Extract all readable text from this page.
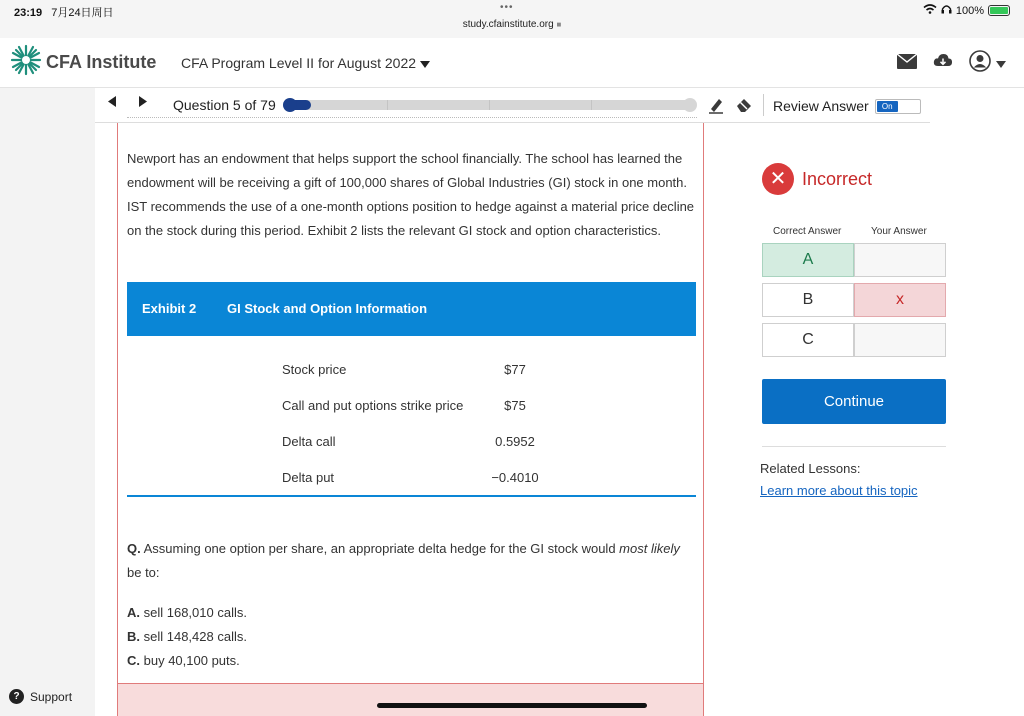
23:19 7月24日周日	•••
study.cfainstitute.org ■
100%
CFA Institute CFA Program Level II for August 2022
Question 5 of 79	Review Answer	On

Newport has an endowment that helps support the school financially. The school has learned the endowment will be receiving a gift of 100,000 shares of Global Industries (GI) stock in one month. IST recommends the use of a one-month options position to hedge against a material price decline on the stock during this period. Exhibit 2 lists the relevant GI stock and option characteristics.

Exhibit 2 GI Stock and Option Information
Stock price	$77
Call and put options strike price	$75
Delta call	0.5952
Delta put	−0.4010

Q. Assuming one option per share, an appropriate delta hedge for the GI stock would most likely be to:

A. sell 168,010 calls.
B. sell 148,428 calls.
C. buy 40,100 puts.
✕ Incorrect
Correct Answer	Your Answer
A
B	x
C
Continue
Related Lessons:
Learn more about this topic
? Support
